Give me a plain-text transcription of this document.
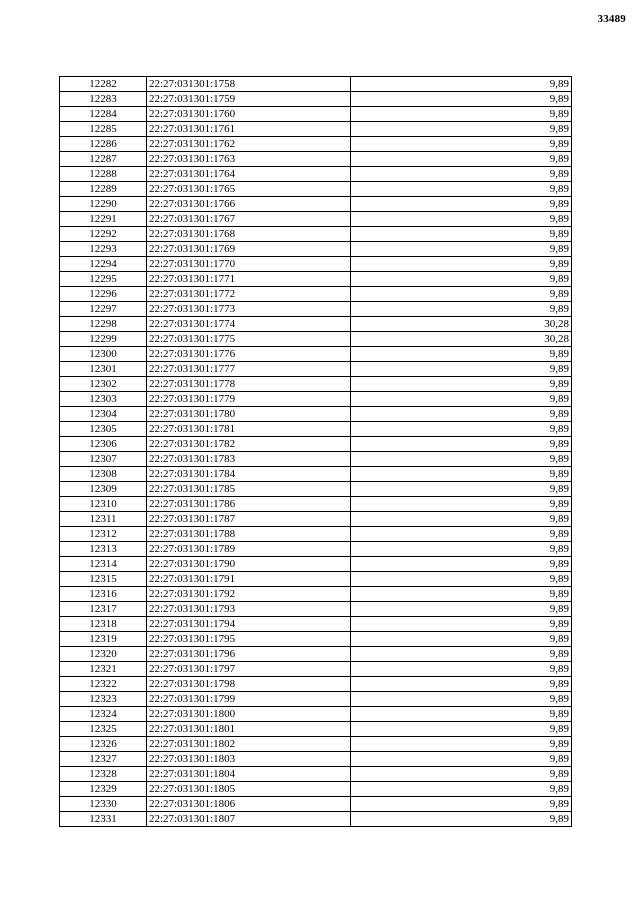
33489
12282	22:27:031301:1758	9,89
12283	22:27:031301:1759	9,89
12284	22:27:031301:1760	9,89
12285	22:27:031301:1761	9,89
12286	22:27:031301:1762	9,89
12287	22:27:031301:1763	9,89
12288	22:27:031301:1764	9,89
12289	22:27:031301:1765	9,89
12290	22:27:031301:1766	9,89
12291	22:27:031301:1767	9,89
12292	22:27:031301:1768	9,89
12293	22:27:031301:1769	9,89
12294	22:27:031301:1770	9,89
12295	22:27:031301:1771	9,89
12296	22:27:031301:1772	9,89
12297	22:27:031301:1773	9,89
12298	22:27:031301:1774	30,28
12299	22:27:031301:1775	30,28
12300	22:27:031301:1776	9,89
12301	22:27:031301:1777	9,89
12302	22:27:031301:1778	9,89
12303	22:27:031301:1779	9,89
12304	22:27:031301:1780	9,89
12305	22:27:031301:1781	9,89
12306	22:27:031301:1782	9,89
12307	22:27:031301:1783	9,89
12308	22:27:031301:1784	9,89
12309	22:27:031301:1785	9,89
12310	22:27:031301:1786	9,89
12311	22:27:031301:1787	9,89
12312	22:27:031301:1788	9,89
12313	22:27:031301:1789	9,89
12314	22:27:031301:1790	9,89
12315	22:27:031301:1791	9,89
12316	22:27:031301:1792	9,89
12317	22:27:031301:1793	9,89
12318	22:27:031301:1794	9,89
12319	22:27:031301:1795	9,89
12320	22:27:031301:1796	9,89
12321	22:27:031301:1797	9,89
12322	22:27:031301:1798	9,89
12323	22:27:031301:1799	9,89
12324	22:27:031301:1800	9,89
12325	22:27:031301:1801	9,89
12326	22:27:031301:1802	9,89
12327	22:27:031301:1803	9,89
12328	22:27:031301:1804	9,89
12329	22:27:031301:1805	9,89
12330	22:27:031301:1806	9,89
12331	22:27:031301:1807	9,89
